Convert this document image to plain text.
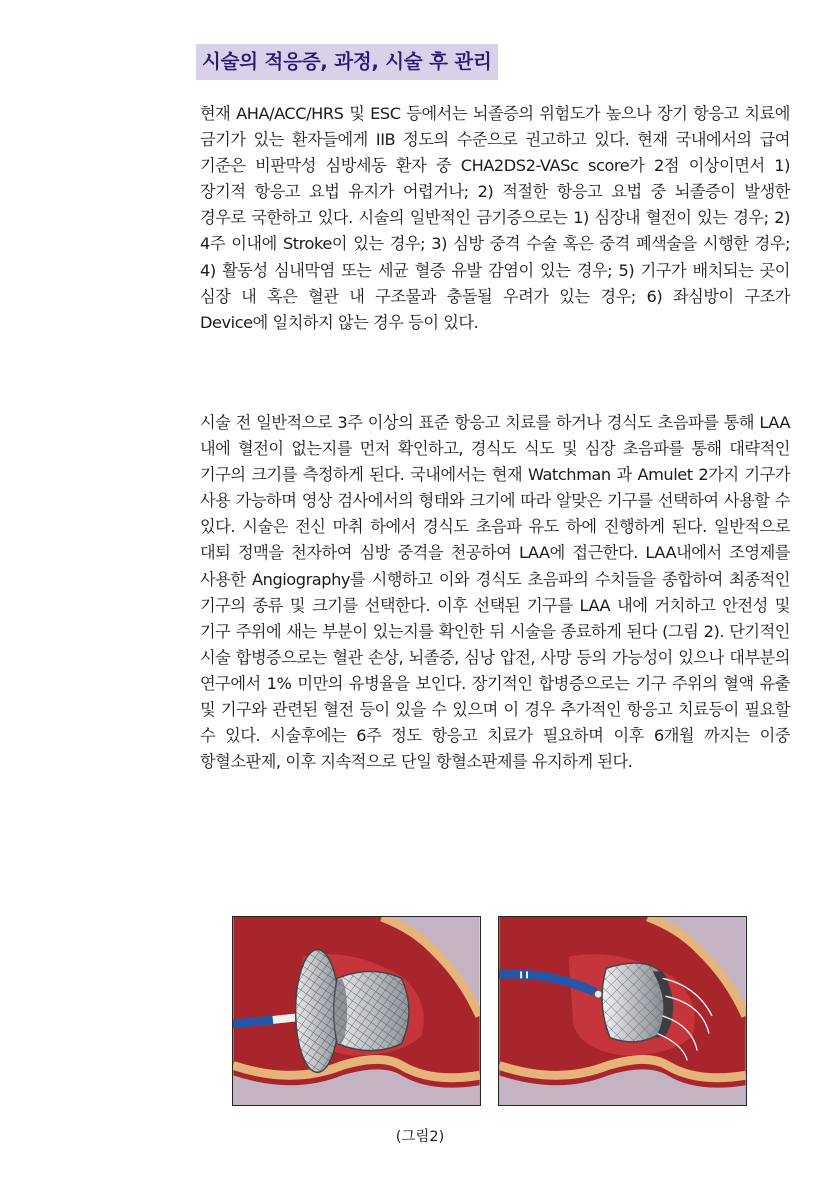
시술의 적응증, 과정, 시술 후 관리

현재 AHA/ACC/HRS 및 ESC 등에서는 뇌졸증의 위험도가 높으나 장기 항응고 치료에 금기가 있는 환자들에게 IIB 정도의 수준으로 권고하고 있다. 현재 국내에서의 급여 기준은 비판막성 심방세동 환자 중 CHA2DS2-VASc score가 2점 이상이면서 1) 장기적 항응고 요법 유지가 어렵거나; 2) 적절한 항응고 요법 중 뇌졸증이 발생한 경우로 국한하고 있다. 시술의 일반적인 금기증으로는 1) 심장내 혈전이 있는 경우; 2) 4주 이내에 Stroke이 있는 경우; 3) 심방 중격 수술 혹은 중격 폐색술을 시행한 경우; 4) 활동성 심내막염 또는 세균 혈증 유발 감염이 있는 경우; 5) 기구가 배치되는 곳이 심장 내 혹은 혈관 내 구조물과 충돌될 우려가 있는 경우; 6) 좌심방이 구조가 Device에 일치하지 않는 경우 등이 있다.

시술 전 일반적으로 3주 이상의 표준 항응고 치료를 하거나 경식도 초음파를 통해 LAA 내에 혈전이 없는지를 먼저 확인하고, 경식도 식도 및 심장 초음파를 통해 대략적인 기구의 크기를 측정하게 된다. 국내에서는 현재 Watchman 과 Amulet 2가지 기구가 사용 가능하며 영상 검사에서의 형태와 크기에 따라 알맞은 기구를 선택하여 사용할 수 있다. 시술은 전신 마취 하에서 경식도 초음파 유도 하에 진행하게 된다. 일반적으로 대퇴 정맥을 천자하여 심방 중격을 천공하여 LAA에 접근한다. LAA내에서 조영제를 사용한 Angiography를 시행하고 이와 경식도 초음파의 수치들을 종합하여 최종적인 기구의 종류 및 크기를 선택한다. 이후 선택된 기구를 LAA 내에 거치하고 안전성 및 기구 주위에 새는 부분이 있는지를 확인한 뒤 시술을 종료하게 된다 (그림 2). 단기적인 시술 합병증으로는 혈관 손상, 뇌졸증, 심낭 압전, 사망 등의 가능성이 있으나 대부분의 연구에서 1% 미만의 유병율을 보인다. 장기적인 합병증으로는 기구 주위의 혈액 유출 및 기구와 관련된 혈전 등이 있을 수 있으며 이 경우 추가적인 항응고 치료등이 필요할 수 있다. 시술후에는 6주 정도 항응고 치료가 필요하며 이후 6개월 까지는 이중 항혈소판제, 이후 지속적으로 단일 항혈소판제를 유지하게 된다.

(그림2)
